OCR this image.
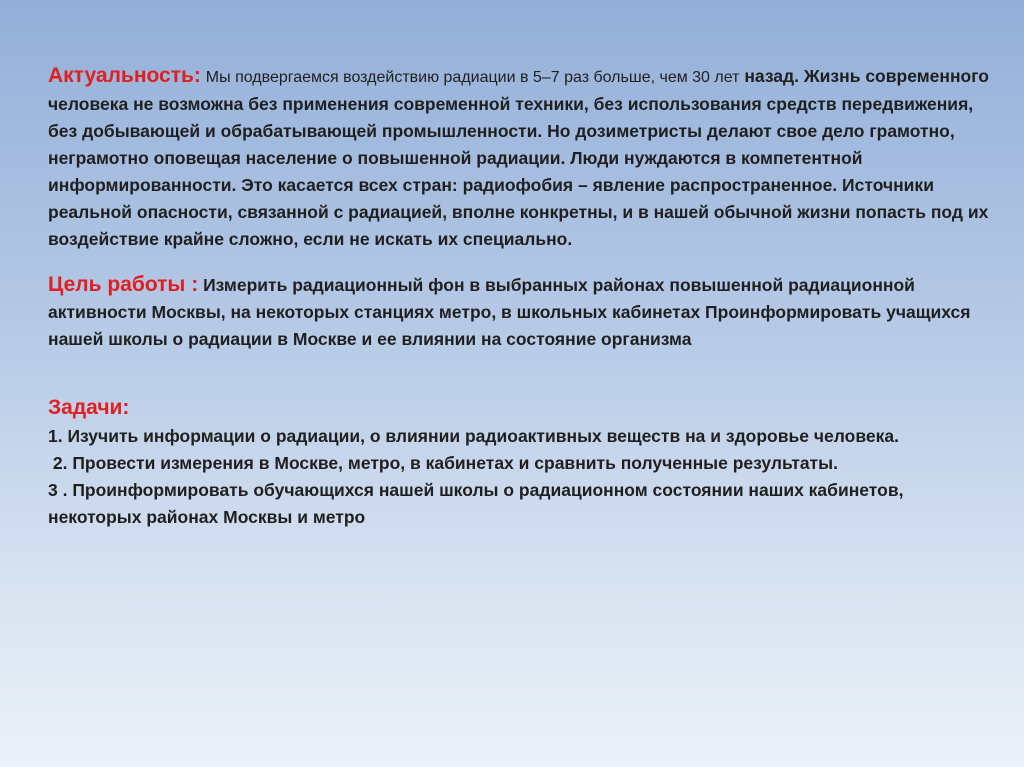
Актуальность: Мы подвергаемся воздействию радиации в 5–7 раз больше, чем 30 лет назад. Жизнь современного человека не возможна без применения современной техники, без использования средств передвижения, без добывающей и обрабатывающей промышленности. Но дозиметристы делают свое дело грамотно, неграмотно оповещая население о повышенной радиации. Люди нуждаются в компетентной информированности. Это касается всех стран: радиофобия – явление распространенное. Источники реальной опасности, связанной с радиацией, вполне конкретны, и в нашей обычной жизни попасть под их воздействие крайне сложно, если не искать их специально.

Цель работы : Измерить радиационный фон в выбранных районах повышенной радиационной активности Москвы, на некоторых станциях метро, в школьных кабинетах Проинформировать учащихся нашей школы о радиации в Москве и ее влиянии на состояние организма

Задачи:
1. Изучить информации о радиации, о влиянии радиоактивных веществ на и здоровье человека.
2. Провести измерения в Москве, метро, в кабинетах и сравнить полученные результаты.
3 . Проинформировать обучающихся нашей школы о радиационном состоянии наших кабинетов, некоторых районах Москвы и метро
